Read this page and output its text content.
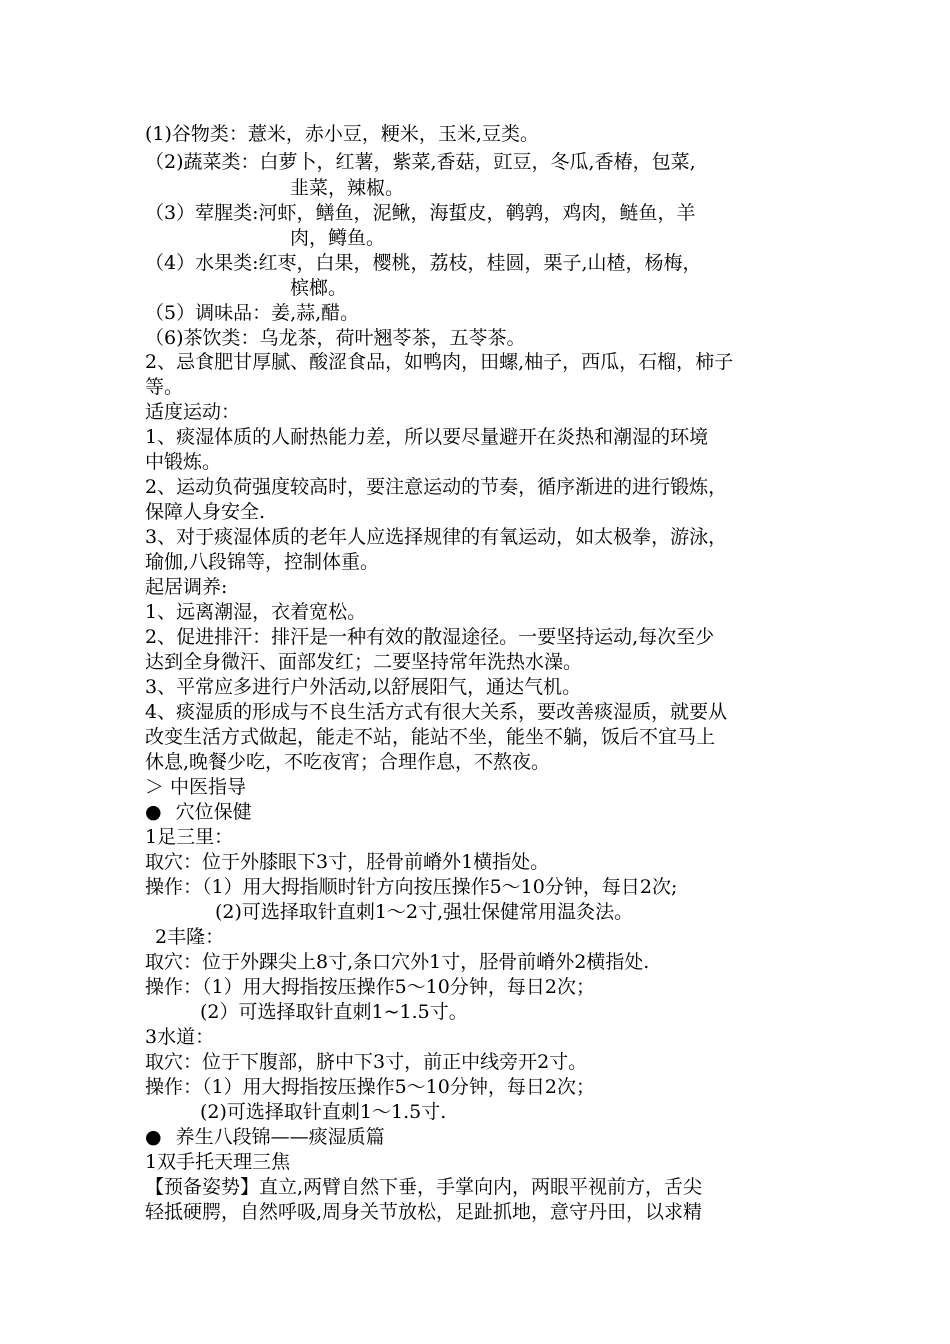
(1)谷物类：薏米，赤小豆，粳米，玉米,豆类。
（2)蔬菜类：白萝卜，红薯，紫菜,香菇，豇豆，冬瓜,香椿，包菜,
韭菜，辣椒。
（3）荤腥类:河虾，鳝鱼，泥鳅，海蜇皮，鹌鹑，鸡肉，鲢鱼，羊
肉，鳟鱼。
（4）水果类:红枣，白果，樱桃，荔枝，桂圆，栗子,山楂，杨梅，
槟榔。
（5）调味品：姜,蒜,醋。
（6)茶饮类：乌龙茶，荷叶翘苓茶，五苓茶。
2、忌食肥甘厚腻、酸涩食品，如鸭肉，田螺,柚子，西瓜，石榴，柿子
等。
适度运动：
1、痰湿体质的人耐热能力差，所以要尽量避开在炎热和潮湿的环境
中锻炼。
2、运动负荷强度较高时，要注意运动的节奏，循序渐进的进行锻炼，
保障人身安全.
3、对于痰湿体质的老年人应选择规律的有氧运动，如太极拳，游泳，
瑜伽,八段锦等，控制体重。
起居调养:
1、远离潮湿，衣着宽松。
2、促进排汗：排汗是一种有效的散湿途径。一要坚持运动,每次至少
达到全身微汗、面部发红；二要坚持常年洗热水澡。
3、平常应多进行户外活动,以舒展阳气，通达气机。
4、痰湿质的形成与不良生活方式有很大关系，要改善痰湿质，就要从
改变生活方式做起，能走不站，能站不坐，能坐不躺，饭后不宜马上
休息,晚餐少吃，不吃夜宵；合理作息，不熬夜。
＞ 中医指导
● 穴位保健
1足三里：
取穴：位于外膝眼下3寸，胫骨前嵴外1横指处。
操作：（1）用大拇指顺时针方向按压操作5～10分钟，每日2次;
(2)可选择取针直刺1～2寸,强壮保健常用温灸法。
2丰隆：
取穴：位于外踝尖上8寸,条口穴外1寸，胫骨前嵴外2横指处.
操作：（1）用大拇指按压操作5～10分钟，每日2次；
(2）可选择取针直刺1~1.5寸。
3水道：
取穴：位于下腹部，脐中下3寸，前正中线旁开2寸。
操作：（1）用大拇指按压操作5～10分钟，每日2次；
(2)可选择取针直刺1～1.5寸.
● 养生八段锦——痰湿质篇
1双手托天理三焦
【预备姿势】直立,两臂自然下垂，手掌向内，两眼平视前方，舌尖
轻抵硬腭，自然呼吸,周身关节放松，足趾抓地，意守丹田，以求精
